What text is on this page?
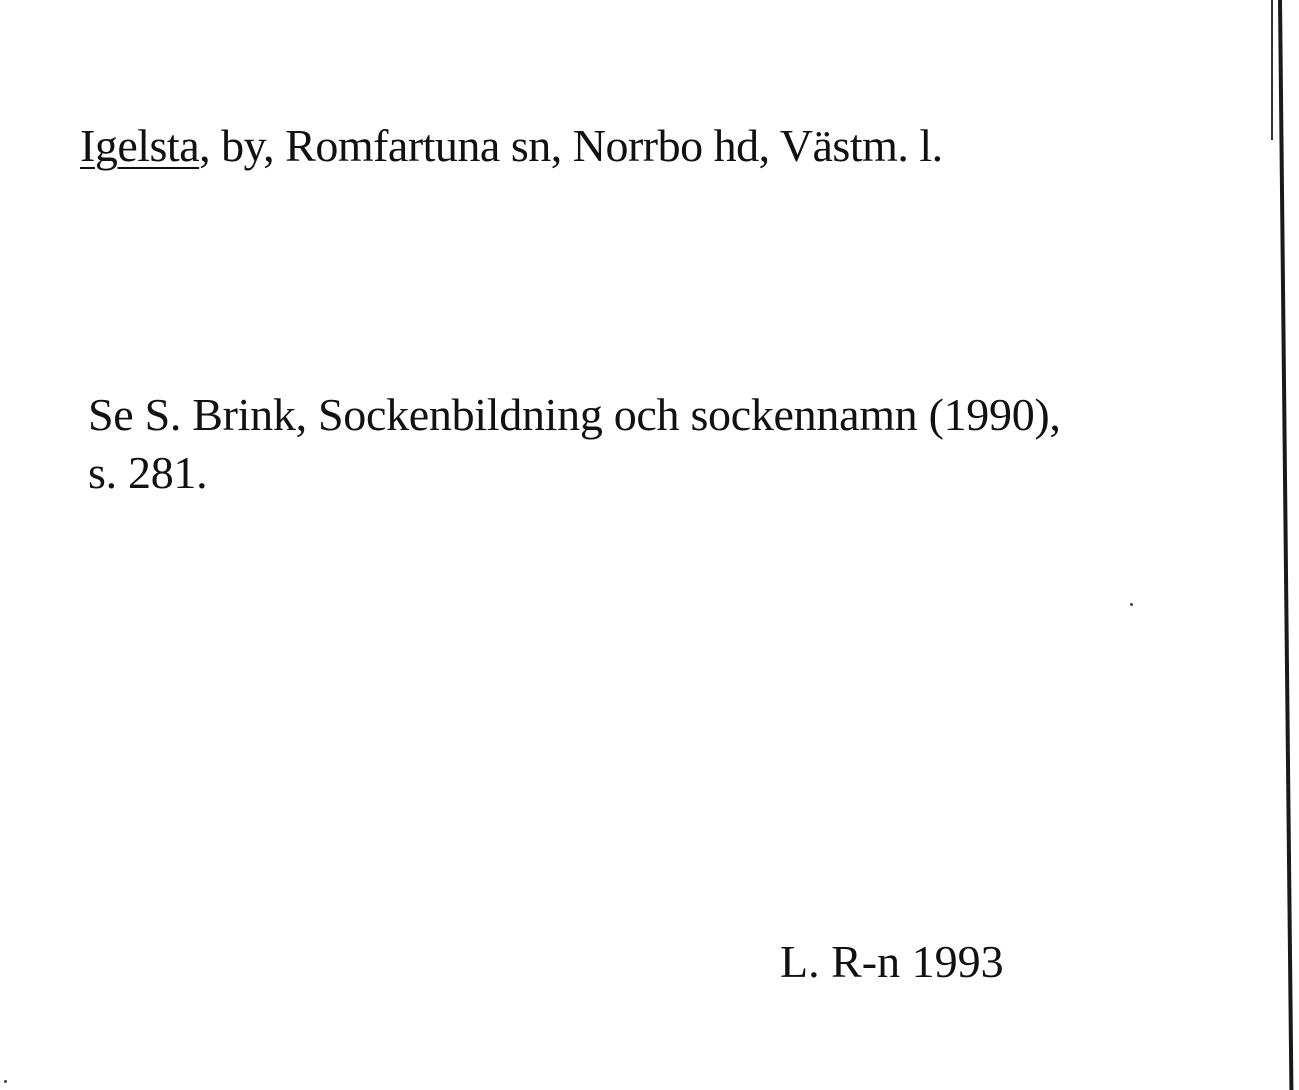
Igelsta, by, Romfartuna sn, Norrbo hd, Västm. l.
Se S. Brink, Sockenbildning och sockennamn (1990),
s. 281.
L. R-n 1993
